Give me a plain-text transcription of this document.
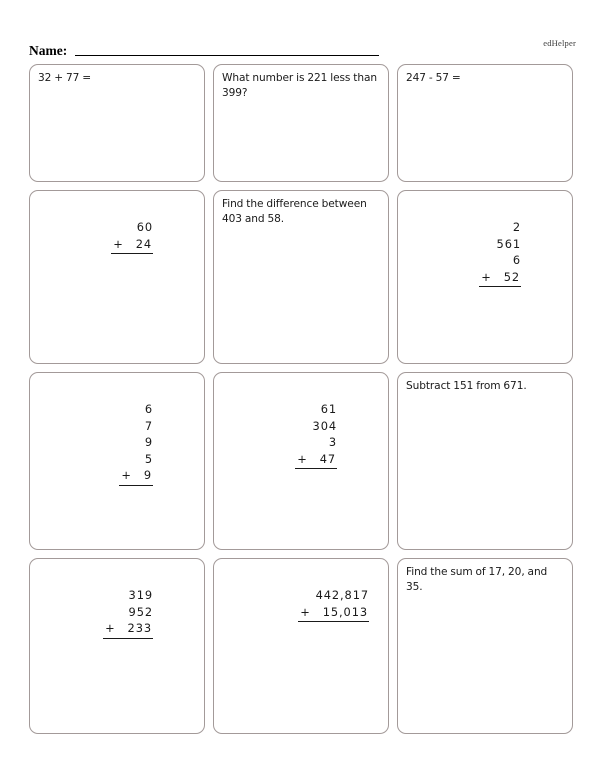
edHelper
Name:
32 + 77 =	What number is 221 less than 399?
247 - 57 =
60
+ 24
Find the difference between 403 and 58.
2
561
6
+ 52
6
7
9
5
+ 9
61
304
3
+ 47
Subtract 151 from 671.
319
952
+ 233
442,817
+ 15,013
Find the sum of 17, 20, and 35.
